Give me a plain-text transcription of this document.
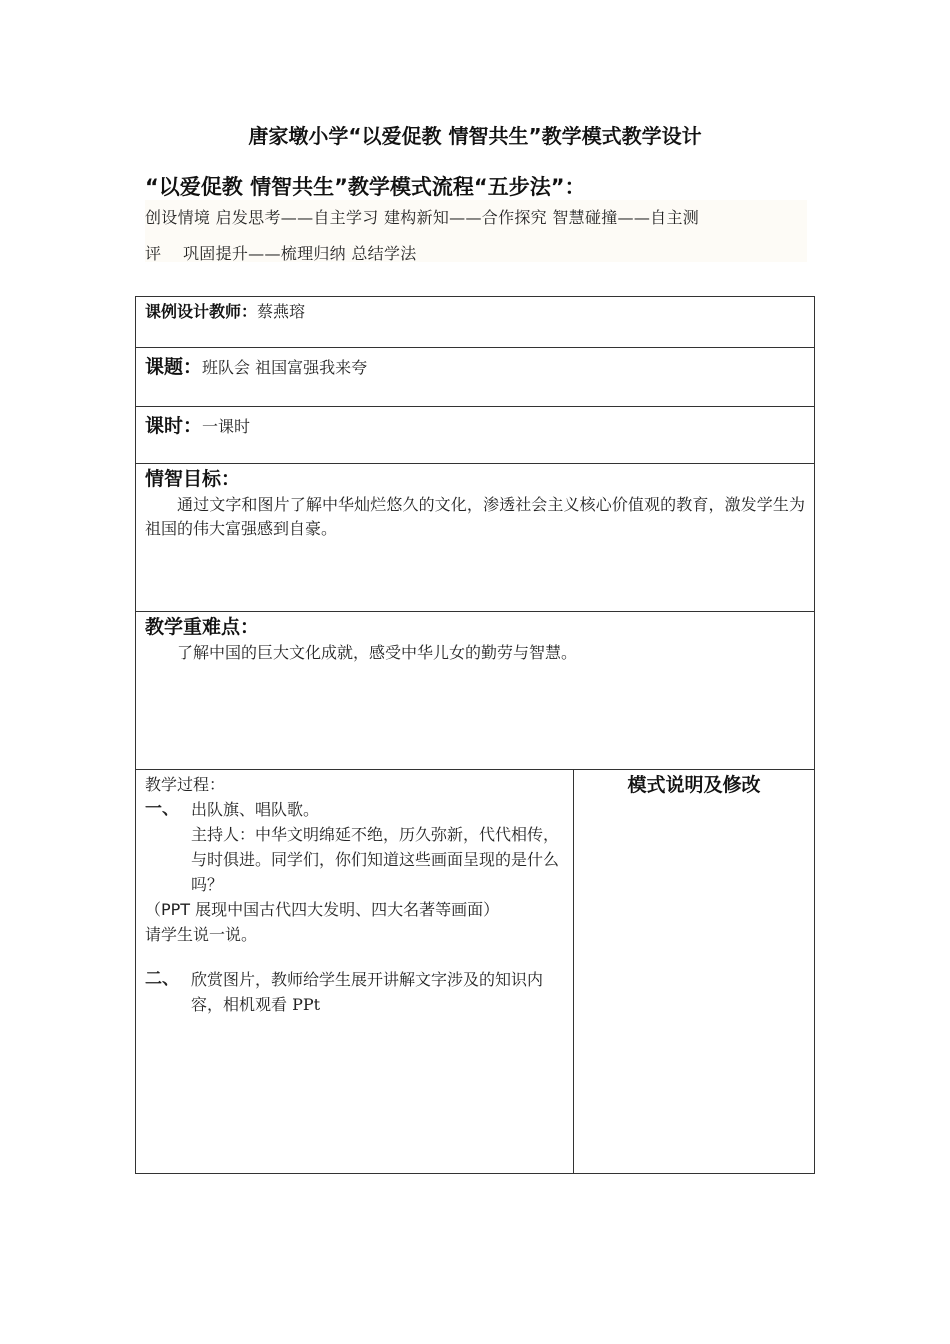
唐家墩小学“以爱促教 情智共生”教学模式教学设计
“以爱促教 情智共生”教学模式流程“五步法”：
创设情境 启发思考——自主学习 建构新知——合作探究 智慧碰撞——自主测
评　 巩固提升——梳理归纳 总结学法
课例设计教师：蔡燕瑢
课题：班队会 祖国富强我来夸
课时：一课时
情智目标：

通过文字和图片了解中华灿烂悠久的文化，渗透社会主义核心价值观的教育，激发学生为祖国的伟大富强感到自豪。

教学重难点：

了解中国的巨大文化成就，感受中华儿女的勤劳与智慧。

教学过程：
一、 出队旗、唱队歌。
主持人：中华文明绵延不绝，历久弥新，代代相传，与时俱进。同学们，你们知道这些画面呈现的是什么吗？
（PPT 展现中国古代四大发明、四大名著等画面）
请学生说一说。
二、 欣赏图片，教师给学生展开讲解文字涉及的知识内容，相机观看 PPt
模式说明及修改
